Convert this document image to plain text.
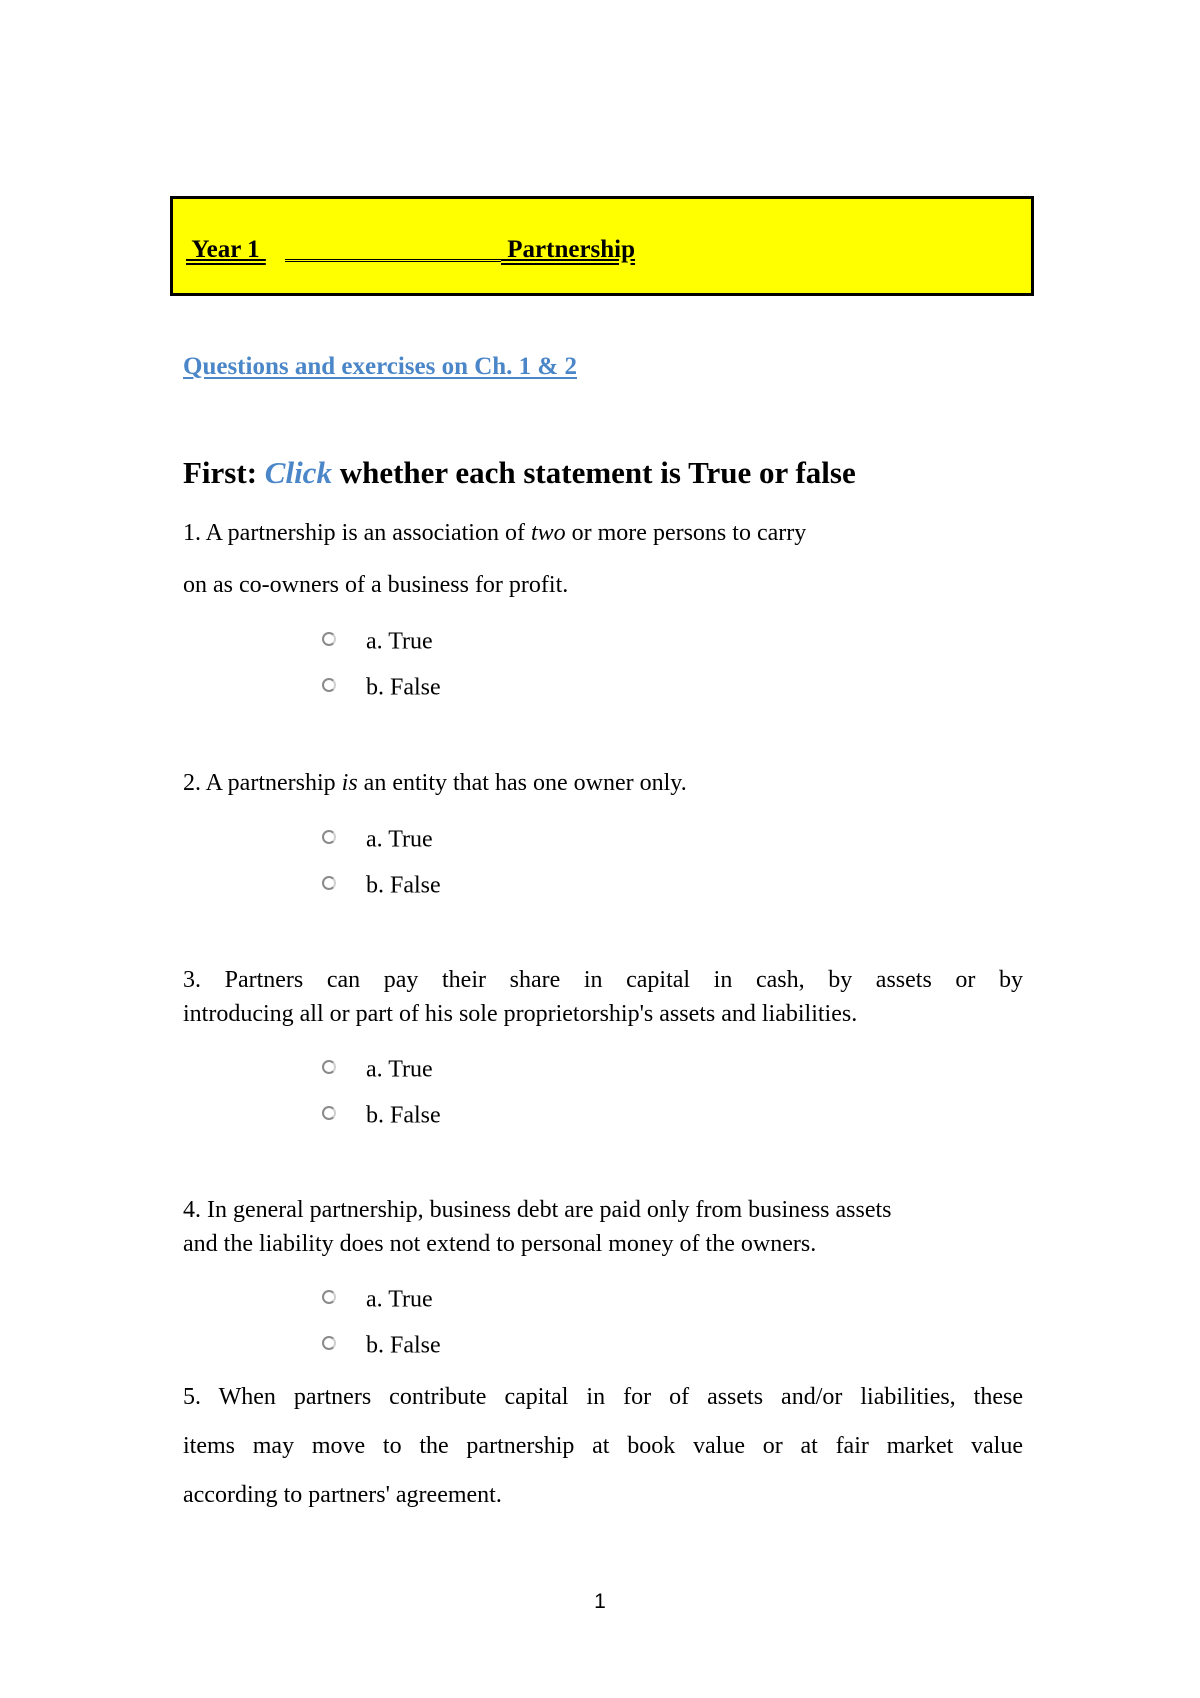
Year 1	Partnership
Questions and exercises on Ch. 1 & 2
First: Click whether each statement is True or false
1. A partnership is an association of two or more persons to carry
on as co-owners of a business for profit.
a. True
b. False
2. A partnership is an entity that has one owner only.
a. True
b. False
3. Partners can pay their share in capital in cash, by assets or by
introducing all or part of his sole proprietorship's assets and liabilities.
a. True
b. False
4. In general partnership, business debt are paid only from business assets
and the liability does not extend to personal money of the owners.
a. True
b. False
5. When partners contribute capital in for of assets and/or liabilities, these
items may move to the partnership at book value or at fair market value
according to partners' agreement.
1
